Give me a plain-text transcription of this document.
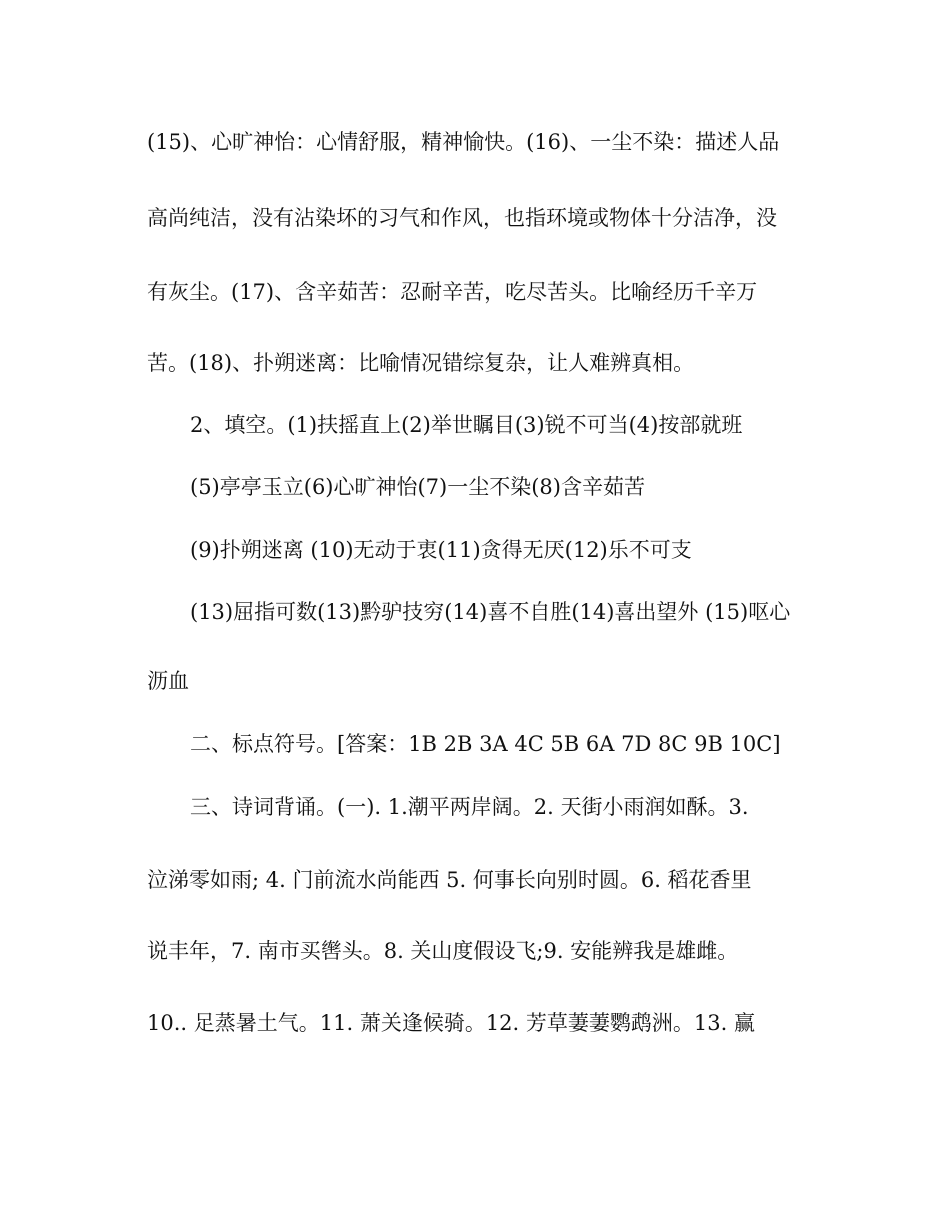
(15)、心旷神怡：心情舒服，精神愉快。(16)、一尘不染：描述人品
高尚纯洁，没有沾染坏的习气和作风，也指环境或物体十分洁净，没
有灰尘。(17)、含辛茹苦：忍耐辛苦，吃尽苦头。比喻经历千辛万
苦。(18)、扑朔迷离：比喻情况错综复杂，让人难辨真相。
2、填空。(1)扶摇直上(2)举世瞩目(3)锐不可当(4)按部就班
(5)亭亭玉立(6)心旷神怡(7)一尘不染(8)含辛茹苦
(9)扑朔迷离 (10)无动于衷(11)贪得无厌(12)乐不可支
(13)屈指可数(13)黔驴技穷(14)喜不自胜(14)喜出望外 (15)呕心
沥血
二、标点符号。[答案：1B 2B 3A 4C 5B 6A 7D 8C 9B 10C]
三、诗词背诵。(一). 1.潮平两岸阔。2. 天街小雨润如酥。3.
泣涕零如雨; 4. 门前流水尚能西 5. 何事长向别时圆。6. 稻花香里
说丰年，7. 南市买辔头。8. 关山度假设飞;9. 安能辨我是雄雌。
10.. 足蒸暑土气。11. 萧关逢候骑。12. 芳草萋萋鹦鹉洲。13. 赢
